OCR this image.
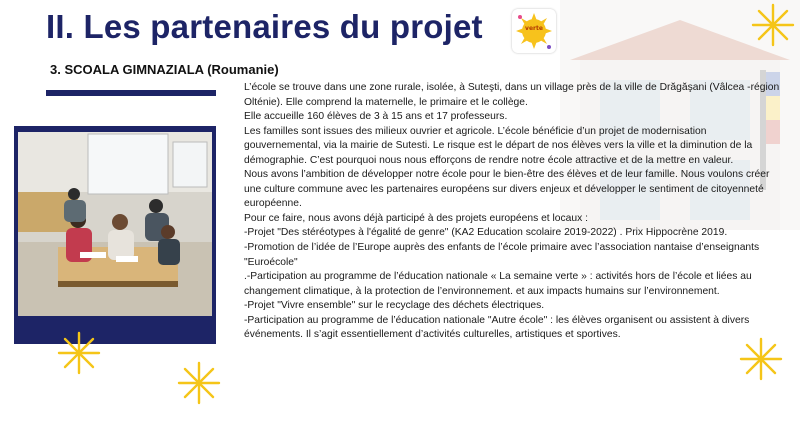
II. Les partenaires du projet	verte
3. SCOALA GIMNAZIALA (Roumanie)

L’école se trouve dans une zone rurale, isolée, à Suteşti, dans un village près de la ville de Drăgăşani (Vâlcea -région Olténie). Elle comprend la maternelle, le primaire et le collège.

Elle accueille 160 élèves de 3 à 15 ans et 17 professeurs.

Les familles sont issues des milieux ouvrier et agricole. L’école bénéficie d’un projet de modernisation gouvernemental, via la mairie de Sutesti. Le risque est le départ de nos élèves vers la ville et la diminution de la démographie. C’est pourquoi nous nous efforçons de rendre notre école attractive et de la mettre en valeur.

Nous avons l’ambition de développer notre école pour le bien-être des élèves et de leur famille. Nous voulons créer une culture commune avec les partenaires européens sur divers enjeux et développer le sentiment de citoyenneté européenne.

Pour ce faire, nous avons déjà participé à des projets européens et locaux :

-Projet "Des stéréotypes à l'égalité de genre" (KA2 Education scolaire 2019-2022) . Prix Hippocrène 2019.

-Promotion de l’idée de l’Europe auprès des enfants de l’école primaire avec l’association nantaise d’enseignants "Euroécole"

.-Participation au programme de l’éducation nationale « La semaine verte » : activités hors de l’école et liées au changement climatique, à la protection de l’environnement. et aux impacts humains sur l’environnement.

-Projet "Vivre ensemble" sur le recyclage des déchets électriques.

-Participation au programme de l’éducation nationale "Autre école" : les élèves organisent ou assistent à divers événements. Il s’agit essentiellement d’activités culturelles, artistiques et sportives.
